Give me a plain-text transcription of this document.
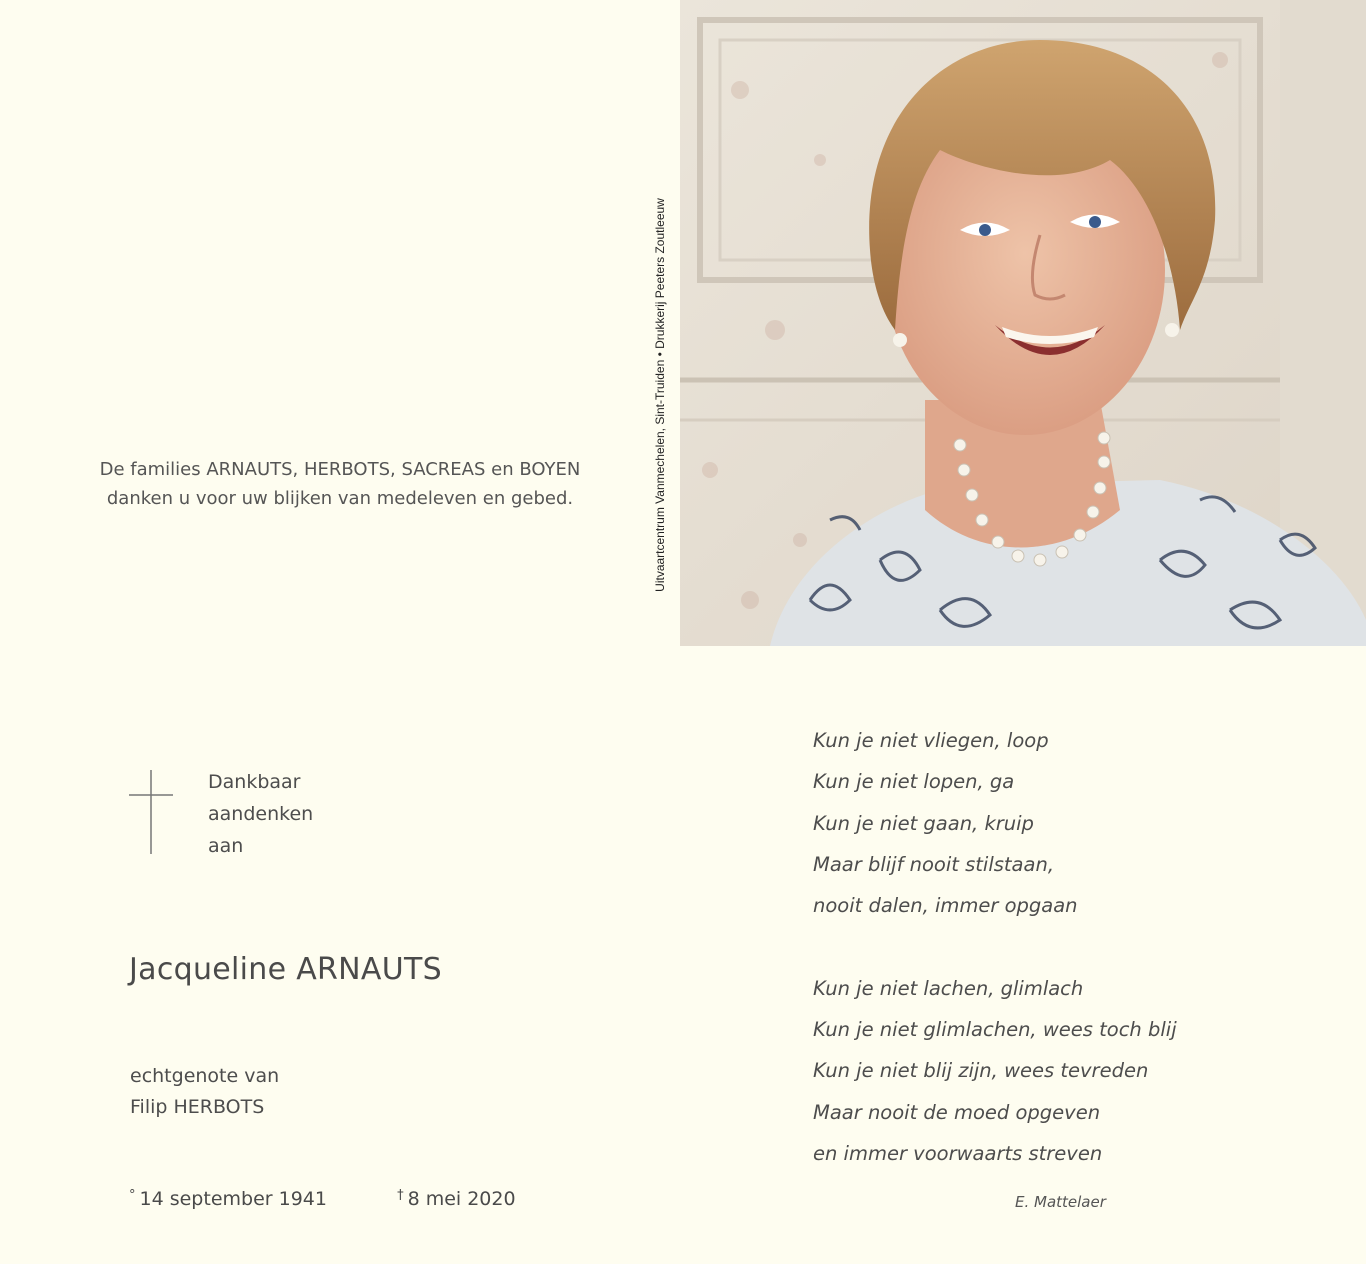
De families ARNAUTS, HERBOTS, SACREAS en BOYEN
danken u voor uw blijken van medeleven en gebed.	Uitvaartcentrum Vanmechelen, Sint-Truiden • Drukkerij Peeters Zoutleeuw
Dankbaar
aandenken
aan
Jacqueline ARNAUTS
echtgenote van
Filip HERBOTS
° 14 september 1941	† 8 mei 2020
Kun je niet vliegen, loop
Kun je niet lopen, ga
Kun je niet gaan, kruip
Maar blijf nooit stilstaan,
nooit dalen, immer opgaan
Kun je niet lachen, glimlach
Kun je niet glimlachen, wees toch blij
Kun je niet blij zijn, wees tevreden
Maar nooit de moed opgeven
en immer voorwaarts streven
E. Mattelaer
